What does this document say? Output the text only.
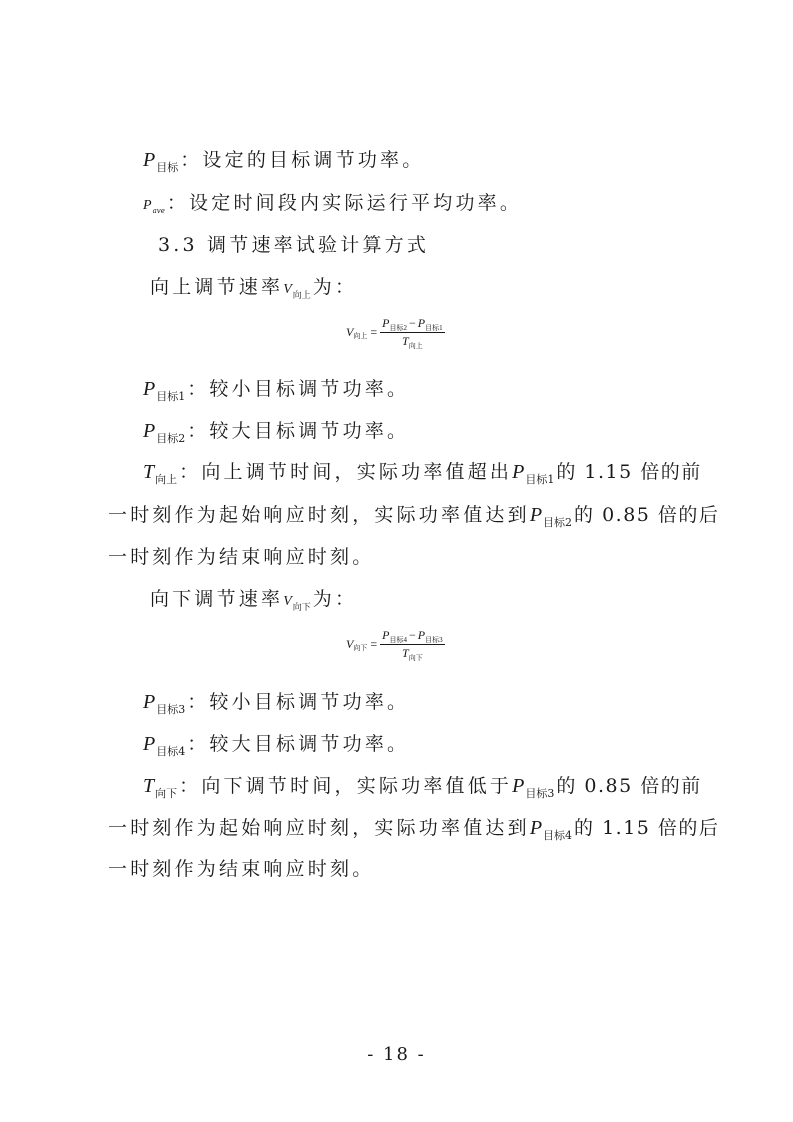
$P_{目标}$ ：设定的目标调节功率。
$P_{ave}$ ：设定时间段内实际运行平均功率。
3.3 调节速率试验计算方式
向上调节速率$V_{向上}$ 为：
V 向上 = $\frac{P_{目标2} - P_{目标1}}{T_{向上}}$
$P_{目标1}$ ：较小目标调节功率。
$P_{目标2}$ ：较大目标调节功率。
$T_{向上}$ ：向上调节时间，实际功率值超出$P_{目标1}$ 的 1.15 倍的前
一时刻作为起始响应时刻，实际功率值达到$P_{目标2}$ 的 0.85 倍的后
一时刻作为结束响应时刻。
向下调节速率$V_{向下}$ 为：
V 向下 = $\frac{P_{目标4} - P_{目标3}}{T_{向下}}$
$P_{目标3}$ ：较小目标调节功率。
$P_{目标4}$ ：较大目标调节功率。
$T_{向下}$ ：向下调节时间，实际功率值低于$P_{目标3}$ 的 0.85 倍的前
一时刻作为起始响应时刻，实际功率值达到$P_{目标4}$ 的 1.15 倍的后
一时刻作为结束响应时刻。
- 18 -
